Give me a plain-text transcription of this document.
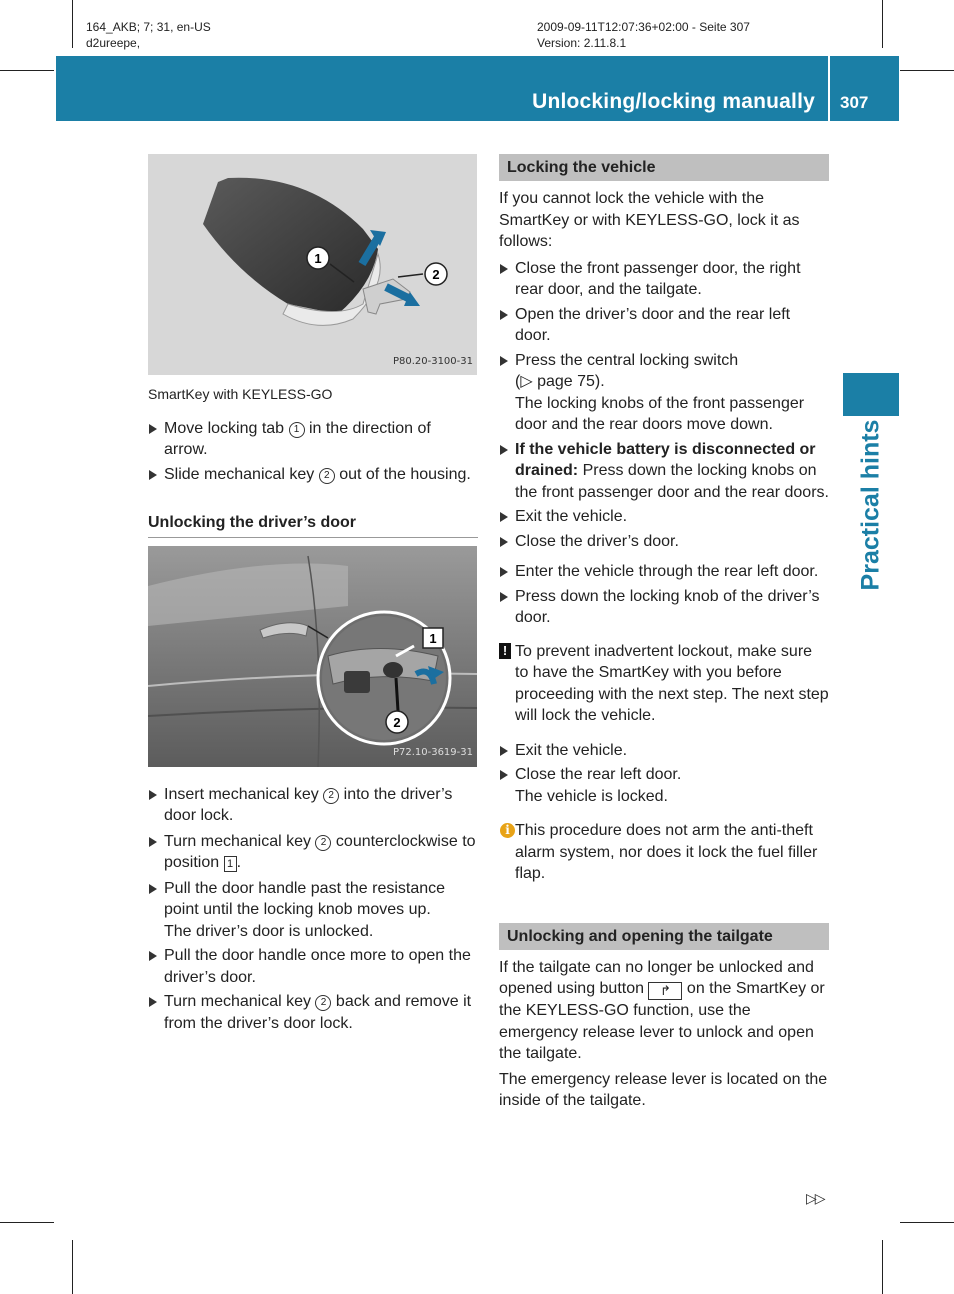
164_AKB; 7; 31, en-US
d2ureepe,
2009-09-11T12:07:36+02:00 - Seite 307
Version: 2.11.8.1
Unlocking/locking manually 307
Practical hints
1
2
P80.20-3100-31

SmartKey with KEYLESS-GO

Move locking tab 1 in the direction of arrow.

Slide mechanical key 2 out of the housing.

Unlocking the driver’s door

1
2
P72.10-3619-31

Insert mechanical key 2 into the driver’s door lock.

Turn mechanical key 2 counterclockwise to position 1 .

Pull the door handle past the resistance point until the locking knob moves up.
The driver’s door is unlocked.

Pull the door handle once more to open the driver’s door.

Turn mechanical key 2 back and remove it from the driver’s door lock.

Locking the vehicle

If you cannot lock the vehicle with the SmartKey or with KEYLESS-GO, lock it as follows:

Close the front passenger door, the right rear door, and the tailgate.

Open the driver’s door and the rear left door.

Press the central locking switch
(▷ page 75).
The locking knobs of the front passenger door and the rear doors move down.

If the vehicle battery is disconnected or drained: Press down the locking knobs on the front passenger door and the rear doors.

Exit the vehicle.

Close the driver’s door.

Enter the vehicle through the rear left door.

Press down the locking knob of the driver’s door.

! To prevent inadvertent lockout, make sure to have the SmartKey with you before proceeding with the next step. The next step will lock the vehicle.

Exit the vehicle.

Close the rear left door.
The vehicle is locked.

i This procedure does not arm the anti-theft alarm system, nor does it lock the fuel filler flap.

Unlocking and opening the tailgate

If the tailgate can no longer be unlocked and opened using button ↱ on the SmartKey or the KEYLESS-GO function, use the emergency release lever to unlock and open the tailgate.

The emergency release lever is located on the inside of the tailgate.

▷▷
